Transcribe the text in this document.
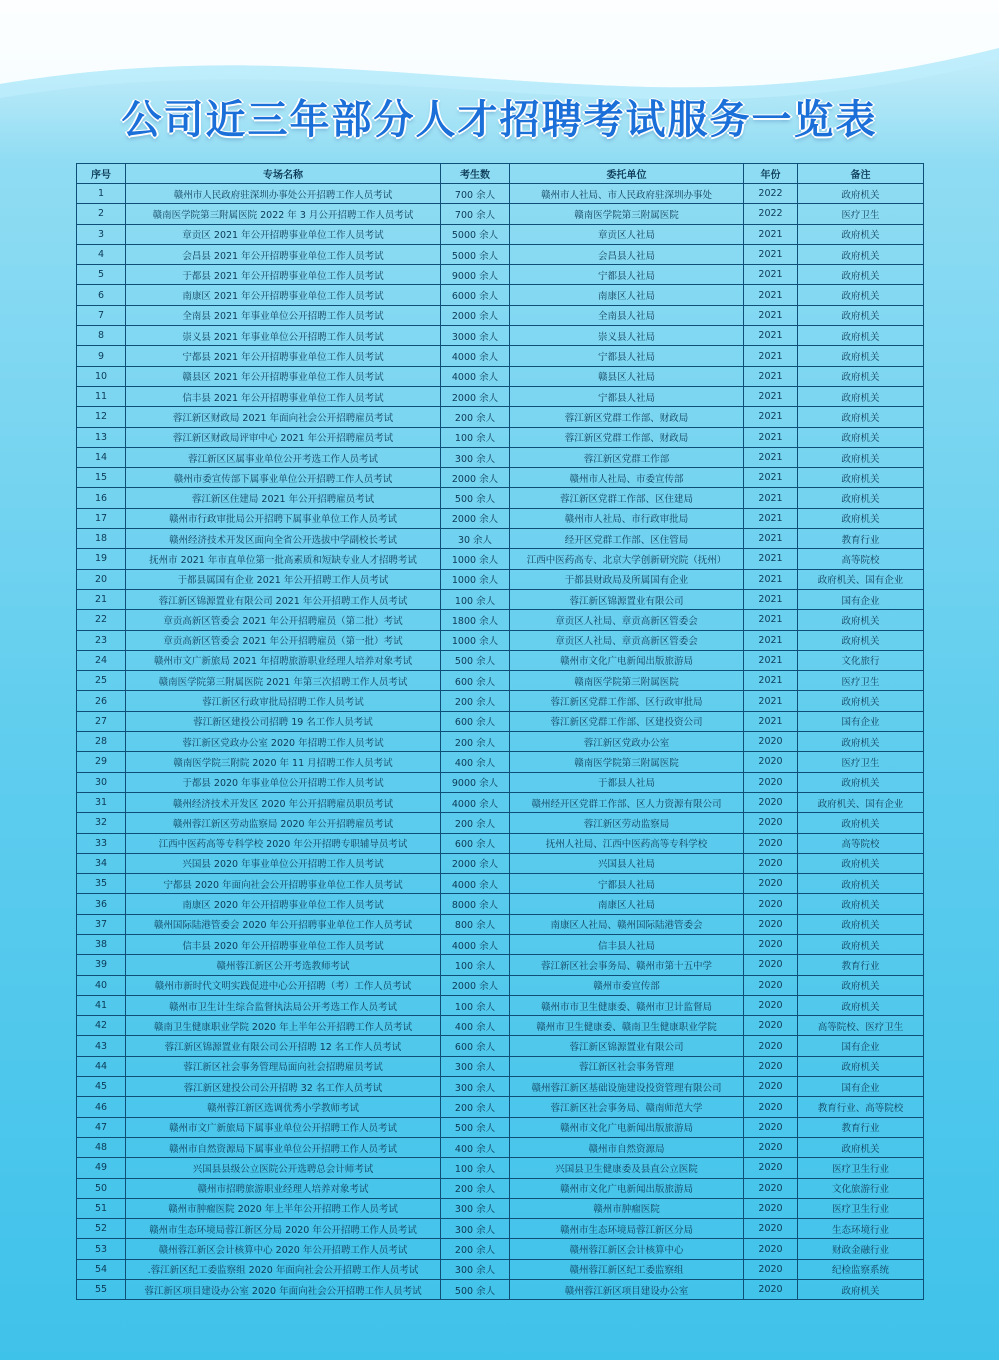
公司近三年部分人才招聘考试服务一览表
序号	专场名称	考生数	委托单位	年份	备注
1	赣州市人民政府驻深圳办事处公开招聘工作人员考试	700 余人	赣州市人社局、市人民政府驻深圳办事处	2022	政府机关
2	赣南医学院第三附属医院 2022 年 3 月公开招聘工作人员考试	700 余人	赣南医学院第三附属医院	2022	医疗卫生
3	章贡区 2021 年公开招聘事业单位工作人员考试	5000 余人	章贡区人社局	2021	政府机关
4	会昌县 2021 年公开招聘事业单位工作人员考试	5000 余人	会昌县人社局	2021	政府机关
5	于都县 2021 年公开招聘事业单位工作人员考试	9000 余人	宁都县人社局	2021	政府机关
6	南康区 2021 年公开招聘事业单位工作人员考试	6000 余人	南康区人社局	2021	政府机关
7	全南县 2021 年事业单位公开招聘工作人员考试	2000 余人	全南县人社局	2021	政府机关
8	崇义县 2021 年事业单位公开招聘工作人员考试	3000 余人	崇义县人社局	2021	政府机关
9	宁都县 2021 年公开招聘事业单位工作人员考试	4000 余人	宁都县人社局	2021	政府机关
10	赣县区 2021 年公开招聘事业单位工作人员考试	4000 余人	赣县区人社局	2021	政府机关
11	信丰县 2021 年公开招聘事业单位工作人员考试	2000 余人	宁都县人社局	2021	政府机关
12	蓉江新区财政局 2021 年面向社会公开招聘雇员考试	200 余人	蓉江新区党群工作部、财政局	2021	政府机关
13	蓉江新区财政局评审中心 2021 年公开招聘雇员考试	100 余人	蓉江新区党群工作部、财政局	2021	政府机关
14	蓉江新区区属事业单位公开考选工作人员考试	300 余人	蓉江新区党群工作部	2021	政府机关
15	赣州市委宣传部下属事业单位公开招聘工作人员考试	2000 余人	赣州市人社局、市委宣传部	2021	政府机关
16	蓉江新区住建局 2021 年公开招聘雇员考试	500 余人	蓉江新区党群工作部、区住建局	2021	政府机关
17	赣州市行政审批局公开招聘下属事业单位工作人员考试	2000 余人	赣州市人社局、市行政审批局	2021	政府机关
18	赣州经济技术开发区面向全省公开选拔中学副校长考试	30 余人	经开区党群工作部、区住管局	2021	教育行业
19	抚州市 2021 年市直单位第一批高素质和短缺专业人才招聘考试	1000 余人	江西中医药高专、北京大学创新研究院（抚州）	2021	高等院校
20	于都县属国有企业 2021 年公开招聘工作人员考试	1000 余人	于都县财政局及所属国有企业	2021	政府机关、国有企业
21	蓉江新区锦源置业有限公司 2021 年公开招聘工作人员考试	100 余人	蓉江新区锦源置业有限公司	2021	国有企业
22	章贡高新区管委会 2021 年公开招聘雇员（第二批）考试	1800 余人	章贡区人社局、章贡高新区管委会	2021	政府机关
23	章贡高新区管委会 2021 年公开招聘雇员（第一批）考试	1000 余人	章贡区人社局、章贡高新区管委会	2021	政府机关
24	赣州市文广新旅局 2021 年招聘旅游职业经理人培养对象考试	500 余人	赣州市文化广电新闻出版旅游局	2021	文化旅行
25	赣南医学院第三附属医院 2021 年第三次招聘工作人员考试	600 余人	赣南医学院第三附属医院	2021	医疗卫生
26	蓉江新区行政审批局招聘工作人员考试	200 余人	蓉江新区党群工作部、区行政审批局	2021	政府机关
27	蓉江新区建投公司招聘 19 名工作人员考试	600 余人	蓉江新区党群工作部、区建投资公司	2021	国有企业
28	蓉江新区党政办公室 2020 年招聘工作人员考试	200 余人	蓉江新区党政办公室	2020	政府机关
29	赣南医学院三附院 2020 年 11 月招聘工作人员考试	400 余人	赣南医学院第三附属医院	2020	医疗卫生
30	于都县 2020 年事业单位公开招聘工作人员考试	9000 余人	于都县人社局	2020	政府机关
31	赣州经济技术开发区 2020 年公开招聘雇员职员考试	4000 余人	赣州经开区党群工作部、区人力资源有限公司	2020	政府机关、国有企业
32	赣州蓉江新区劳动监察局 2020 年公开招聘雇员考试	200 余人	蓉江新区劳动监察局	2020	政府机关
33	江西中医药高等专科学校 2020 年公开招聘专职辅导员考试	600 余人	抚州人社局、江西中医药高等专科学校	2020	高等院校
34	兴国县 2020 年事业单位公开招聘工作人员考试	2000 余人	兴国县人社局	2020	政府机关
35	宁都县 2020 年面向社会公开招聘事业单位工作人员考试	4000 余人	宁都县人社局	2020	政府机关
36	南康区 2020 年公开招聘事业单位工作人员考试	8000 余人	南康区人社局	2020	政府机关
37	赣州国际陆港管委会 2020 年公开招聘事业单位工作人员考试	800 余人	南康区人社局、赣州国际陆港管委会	2020	政府机关
38	信丰县 2020 年公开招聘事业单位工作人员考试	4000 余人	信丰县人社局	2020	政府机关
39	赣州蓉江新区公开考选教师考试	100 余人	蓉江新区社会事务局、赣州市第十五中学	2020	教育行业
40	赣州市新时代文明实践促进中心公开招聘（考）工作人员考试	2000 余人	赣州市委宣传部	2020	政府机关
41	赣州市卫生计生综合监督执法局公开考选工作人员考试	100 余人	赣州市市卫生健康委、赣州市卫计监督局	2020	政府机关
42	赣南卫生健康职业学院 2020 年上半年公开招聘工作人员考试	400 余人	赣州市卫生健康委、赣南卫生健康职业学院	2020	高等院校、医疗卫生
43	蓉江新区锦源置业有限公司公开招聘 12 名工作人员考试	600 余人	蓉江新区锦源置业有限公司	2020	国有企业
44	蓉江新区社会事务管理局面向社会招聘雇员考试	300 余人	蓉江新区社会事务管理	2020	政府机关
45	蓉江新区建投公司公开招聘 32 名工作人员考试	300 余人	赣州蓉江新区基础设施建设投资管理有限公司	2020	国有企业
46	赣州蓉江新区选调优秀小学教师考试	200 余人	蓉江新区社会事务局、赣南师范大学	2020	教育行业、高等院校
47	赣州市文广新旅局下属事业单位公开招聘工作人员考试	500 余人	赣州市文化广电新闻出版旅游局	2020	教育行业
48	赣州市自然资源局下属事业单位公开招聘工作人员考试	400 余人	赣州市自然资源局	2020	政府机关
49	兴国县县级公立医院公开选聘总会计师考试	100 余人	兴国县卫生健康委及县直公立医院	2020	医疗卫生行业
50	赣州市招聘旅游职业经理人培养对象考试	200 余人	赣州市文化广电新闻出版旅游局	2020	文化旅游行业
51	赣州市肿瘤医院 2020 年上半年公开招聘工作人员考试	300 余人	赣州市肿瘤医院	2020	医疗卫生行业
52	赣州市生态环境局蓉江新区分局 2020 年公开招聘工作人员考试	300 余人	赣州市生态环境局蓉江新区分局	2020	生态环境行业
53	赣州蓉江新区会计核算中心 2020 年公开招聘工作人员考试	200 余人	赣州蓉江新区会计核算中心	2020	财政金融行业
54	.蓉江新区纪工委监察组 2020 年面向社会公开招聘工作人员考试	300 余人	赣州蓉江新区纪工委监察组	2020	纪检监察系统
55	蓉江新区项目建设办公室 2020 年面向社会公开招聘工作人员考试	500 余人	赣州蓉江新区项目建设办公室	2020	政府机关
